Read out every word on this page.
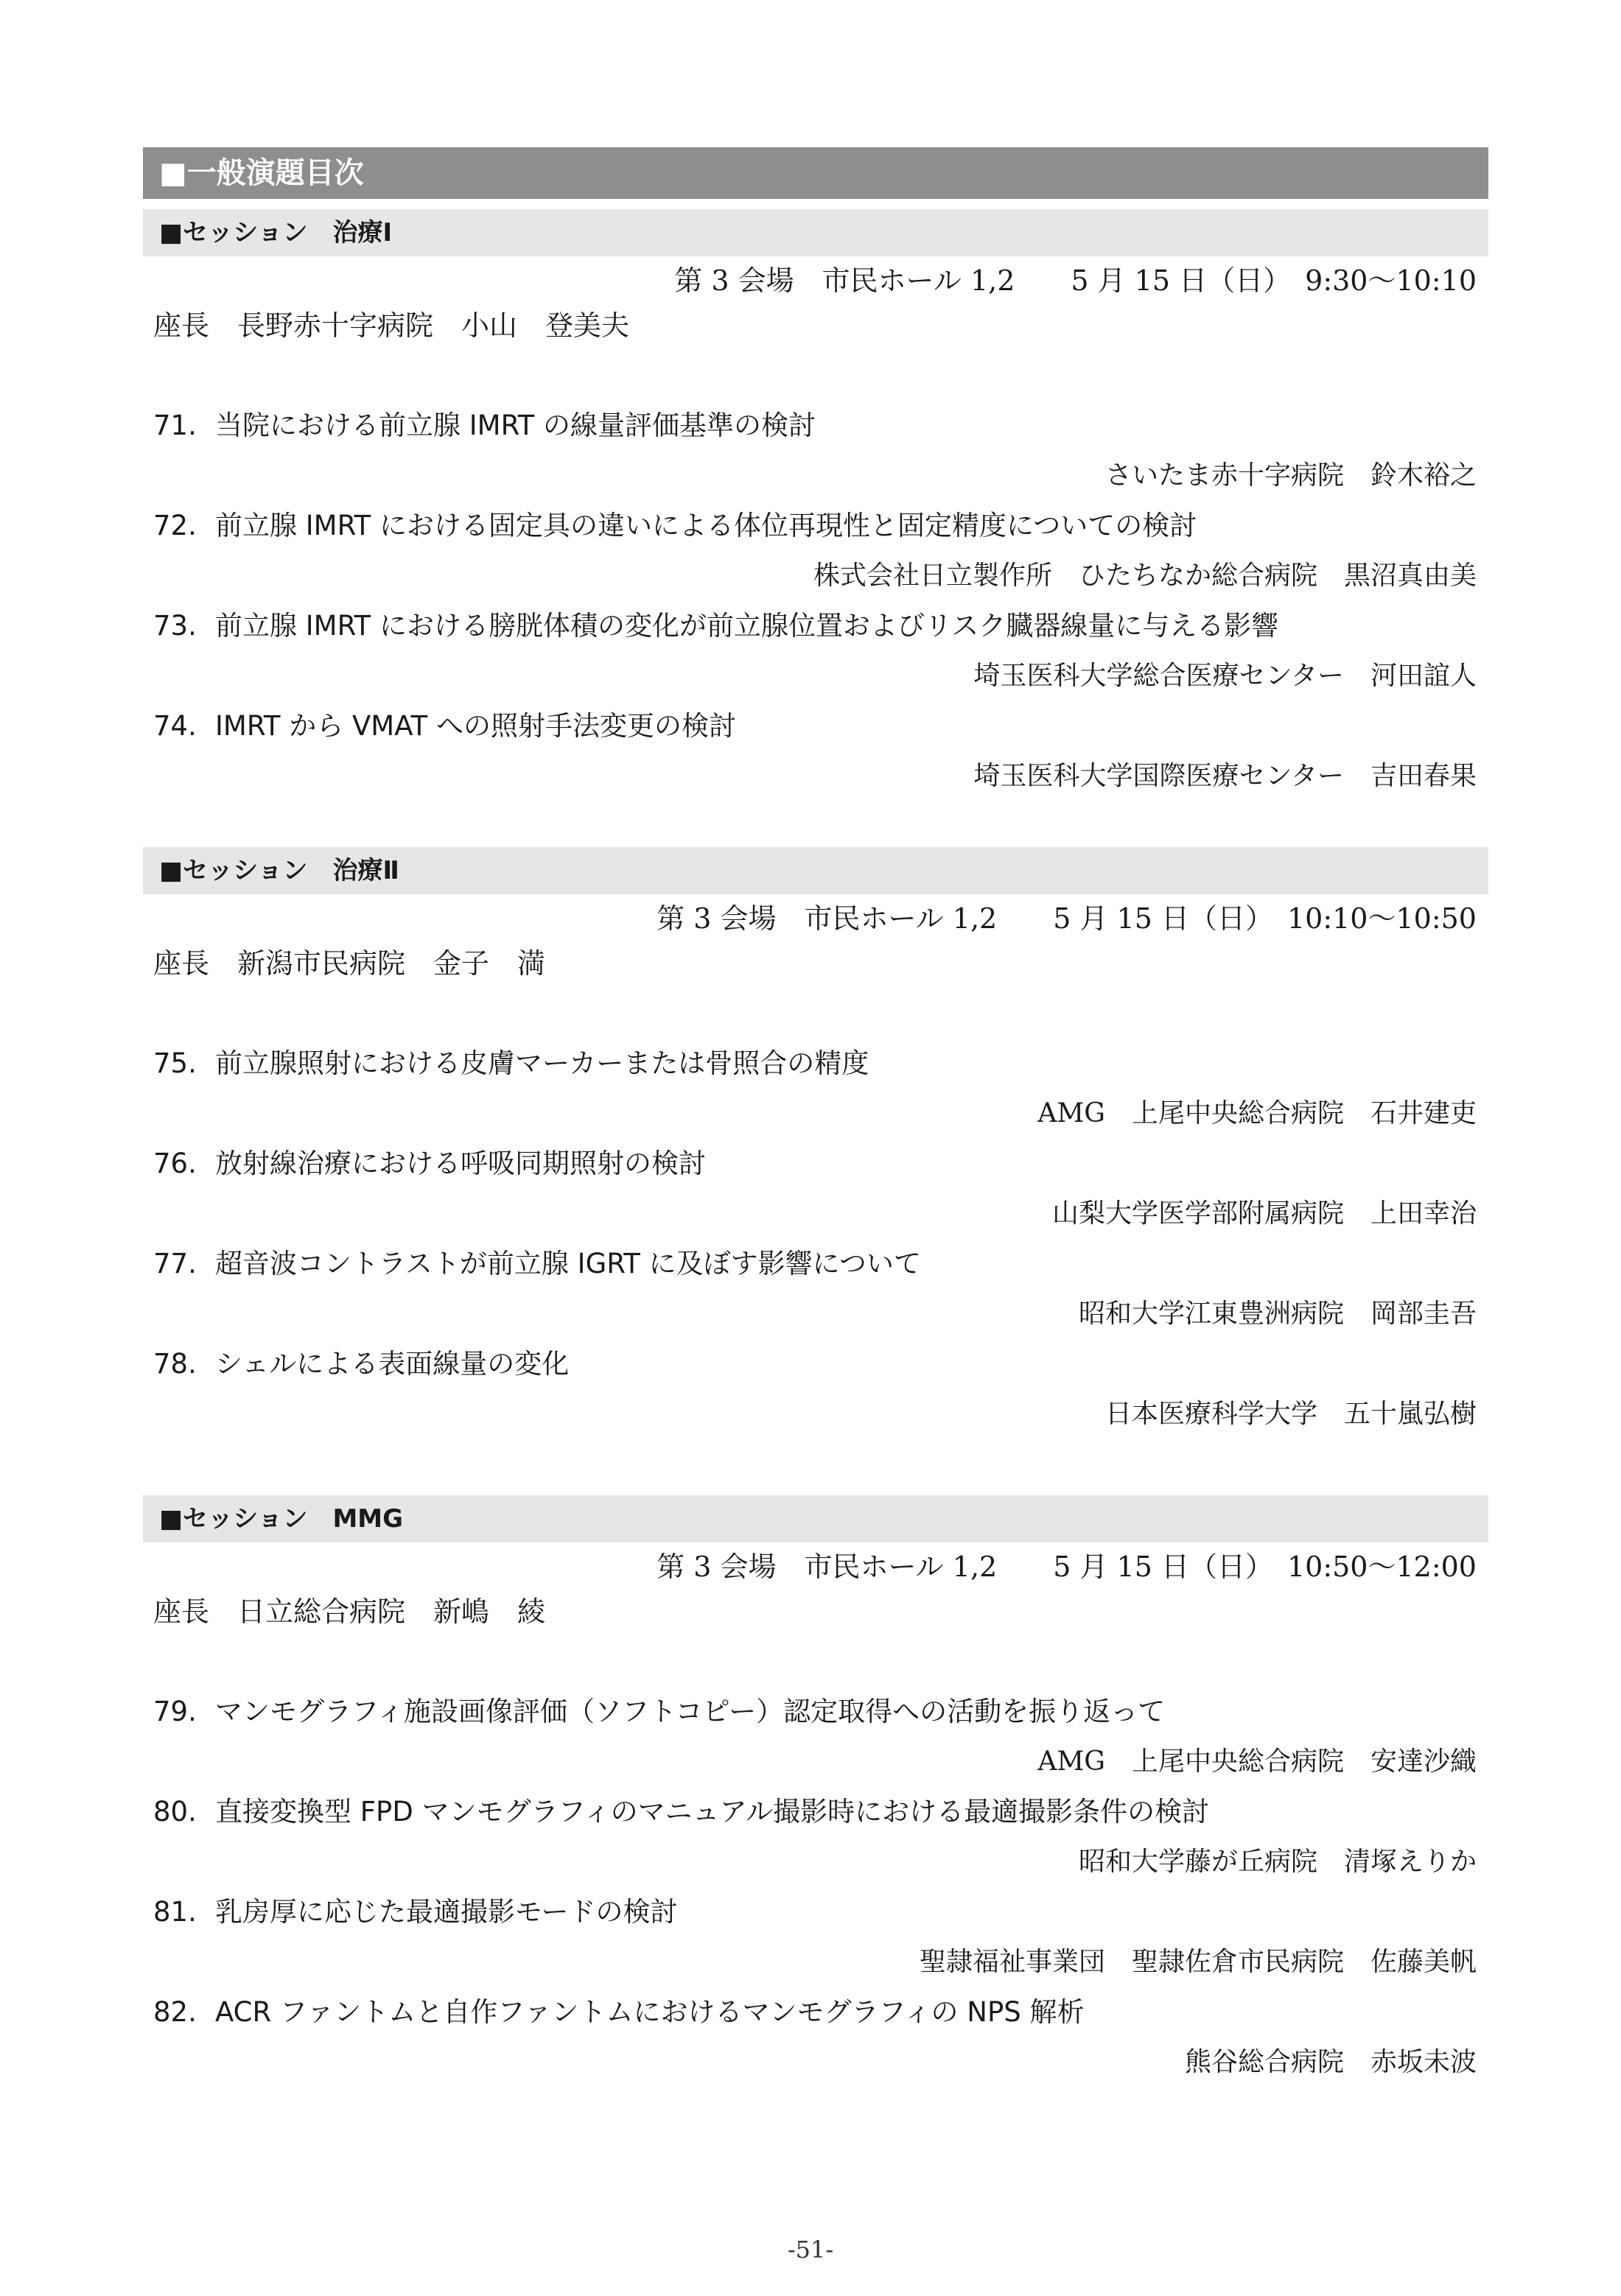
■一般演題目次
■セッション　治療Ⅰ
第 3 会場　市民ホール 1,2　　5 月 15 日（日）　9:30〜10:10
座長　長野赤十字病院　小山　登美夫
71. 当院における前立腺 IMRT の線量評価基準の検討
さいたま赤十字病院　鈴木裕之
72. 前立腺 IMRT における固定具の違いによる体位再現性と固定精度についての検討
株式会社日立製作所　ひたちなか総合病院　黒沼真由美
73. 前立腺 IMRT における膀胱体積の変化が前立腺位置およびリスク臓器線量に与える影響
埼玉医科大学総合医療センター　河田誼人
74. IMRT から VMAT への照射手法変更の検討
埼玉医科大学国際医療センター　吉田春果
■セッション　治療Ⅱ
第 3 会場　市民ホール 1,2　　5 月 15 日（日）　10:10〜10:50
座長　新潟市民病院　金子　満
75. 前立腺照射における皮膚マーカーまたは骨照合の精度
AMG　上尾中央総合病院　石井建吏
76. 放射線治療における呼吸同期照射の検討
山梨大学医学部附属病院　上田幸治
77. 超音波コントラストが前立腺 IGRT に及ぼす影響について
昭和大学江東豊洲病院　岡部圭吾
78. シェルによる表面線量の変化
日本医療科学大学　五十嵐弘樹
■セッション　MMG
第 3 会場　市民ホール 1,2　　5 月 15 日（日）　10:50〜12:00
座長　日立総合病院　新嶋　綾
79. マンモグラフィ施設画像評価（ソフトコピー）認定取得への活動を振り返って
AMG　上尾中央総合病院　安達沙織
80. 直接変換型 FPD マンモグラフィのマニュアル撮影時における最適撮影条件の検討
昭和大学藤が丘病院　清塚えりか
81. 乳房厚に応じた最適撮影モードの検討
聖隷福祉事業団　聖隷佐倉市民病院　佐藤美帆
82. ACR ファントムと自作ファントムにおけるマンモグラフィの NPS 解析
熊谷総合病院　赤坂未波
-51-
